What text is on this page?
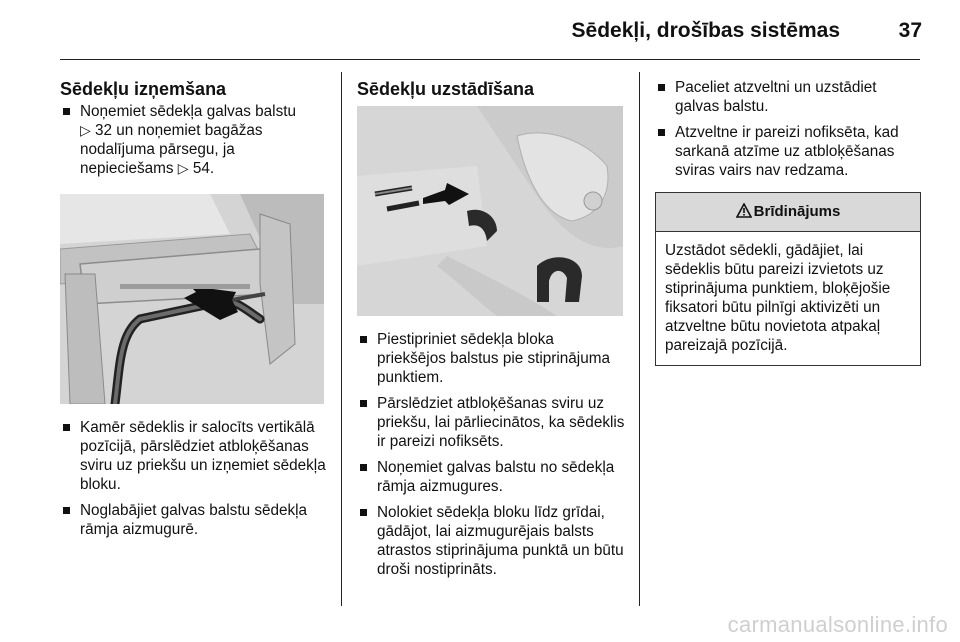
Sēdekļi, drošības sistēmas	37
Sēdekļu izņemšana
Noņemiet sēdekļa galvas balstu
▷ 32 un noņemiet bagāžas nodalījuma pārsegu, ja nepieciešams ▷ 54.
Kamēr sēdeklis ir salocīts vertikālā pozīcijā, pārslēdziet atbloķēšanas sviru uz priekšu un izņemiet sēdekļa bloku.
Noglabājiet galvas balstu sēdekļa rāmja aizmugurē.
Sēdekļu uzstādīšana
Piestipriniet sēdekļa bloka priekšējos balstus pie stiprinājuma punktiem.
Pārslēdziet atbloķēšanas sviru uz priekšu, lai pārliecinātos, ka sēdeklis ir pareizi nofiksēts.
Noņemiet galvas balstu no sēdekļa rāmja aizmugures.
Nolokiet sēdekļa bloku līdz grīdai, gādājot, lai aizmugurējais balsts atrastos stiprinājuma punktā un būtu droši nostiprināts.
Paceliet atzveltni un uzstādiet galvas balstu.
Atzveltne ir pareizi nofiksēta, kad sarkanā atzīme uz atbloķēšanas sviras vairs nav redzama.
Brīdinājums
Uzstādot sēdekli, gādājiet, lai sēdeklis būtu pareizi izvietots uz stiprinājuma punktiem, bloķējošie fiksatori būtu pilnīgi aktivizēti un atzveltne būtu novietota atpakaļ pareizajā pozīcijā.
carmanualsonline.info
